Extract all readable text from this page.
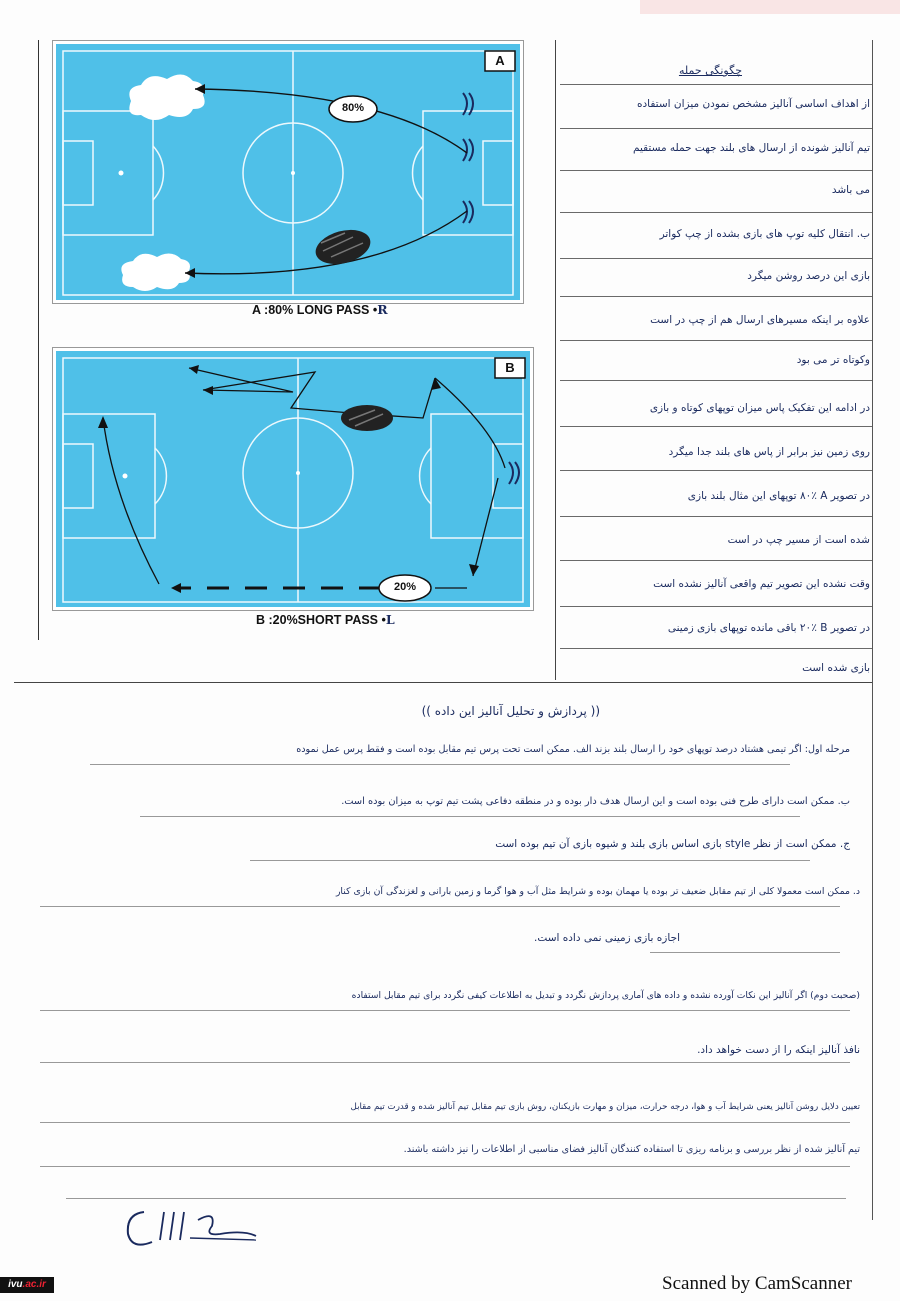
A
80%
A :80% LONG PASS •R
B
20%
B :20%SHORT PASS •L
چگونگی حمله
از اهداف اساسی آنالیز مشخص نمودن میزان استفاده
تیم آنالیز شونده از ارسال های بلند جهت حمله مستقیم
می باشد
ب. انتقال کلیه توپ های بازی بشده از چپ کواتر
بازی این درصد روشن میگرد
علاوه بر اینکه مسیرهای ارسال هم از چپ در است
وکوتاه تر می بود
در ادامه این تفکیک پاس میزان توپهای کوتاه و بازی
روی زمین نیز برابر از پاس های بلند جدا میگرد
در تصویر A ٪٨٠ توپهای این مثال بلند بازی
شده است از مسیر چپ در است
وقت نشده این تصویر تیم واقعی آنالیز نشده است
در تصویر B ٪٢٠ باقی مانده توپهای بازی زمینی
بازی شده است
(( پردازش و تحلیل آنالیز این داده ))
مرحله اول: اگر تیمی هشتاد درصد توپهای خود را ارسال بلند بزند الف. ممکن است تحت پرس تیم مقابل بوده است و فقط پرس عمل نموده
ب. ممکن است دارای طرح فنی بوده است و این ارسال هدف دار بوده و در منطقه دفاعی پشت تیم توپ به میزان بوده است.
ج. ممکن است از نظر style بازی اساس بازی بلند و شیوه بازی آن تیم بوده است
د. ممکن است معمولا کلی از تیم مقابل ضعیف تر بوده یا مهمان بوده و شرایط مثل آب و هوا گرما و زمین بارانی و لغزندگی آن بازی کنار
اجازه بازی زمینی نمی داده است.
(صحبت دوم) اگر آنالیز این نکات آورده نشده و داده های آماری پردازش نگردد و تبدیل به اطلاعات کیفی نگردد برای تیم مقابل استفاده
نافذ آنالیز اینکه را از دست خواهد داد.
تعیین دلایل روشن آنالیز یعنی شرایط آب و هوا، درجه حرارت، میزان و مهارت بازیکنان، روش بازی تیم مقابل تیم آنالیز شده و قدرت تیم مقابل
تیم آنالیز شده از نظر بررسی و برنامه ریزی تا استفاده کنندگان آنالیز فضای مناسبی از اطلاعات را نیز داشته باشند.
ivu.ac.ir	Scanned by CamScanner
